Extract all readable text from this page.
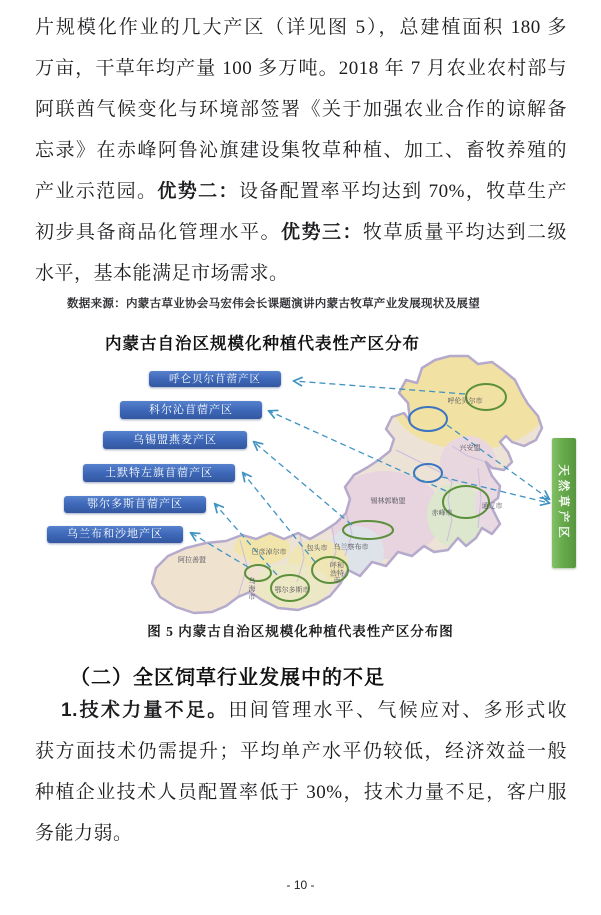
片规模化作业的几大产区（详见图 5），总建植面积 180 多
万亩，干草年均产量 100 多万吨。2018 年 7 月农业农村部与
阿联酋气候变化与环境部签署《关于加强农业合作的谅解备
忘录》在赤峰阿鲁沁旗建设集牧草种植、加工、畜牧养殖的
产业示范园。优势二：设备配置率平均达到 70%，牧草生产
初步具备商品化管理水平。优势三：牧草质量平均达到二级
水平，基本能满足市场需求。
数据来源：内蒙古草业协会马宏伟会长课题演讲内蒙古牧草产业发展现状及展望
内蒙古自治区规模化种植代表性产区分布
呼仑贝尔苜蓿产区
科尔沁苜蓿产区
乌锡盟燕麦产区
土默特左旗苜蓿产区
鄂尔多斯苜蓿产区
乌兰布和沙地产区	天然草产区
呼伦贝尔市
兴安盟
锡林郭勒盟
赤峰市
通辽市
乌兰察布市
包头市
巴彦淖尔市
呼和浩特市
鄂尔多斯市
乌海市
阿拉善盟
图 5 内蒙古自治区规模化种植代表性产区分布图
（二）全区饲草行业发展中的不足
1.技术力量不足。田间管理水平、气候应对、多形式收
获方面技术仍需提升；平均单产水平仍较低，经济效益一般
种植企业技术人员配置率低于 30%，技术力量不足，客户服
务能力弱。
- 10 -
